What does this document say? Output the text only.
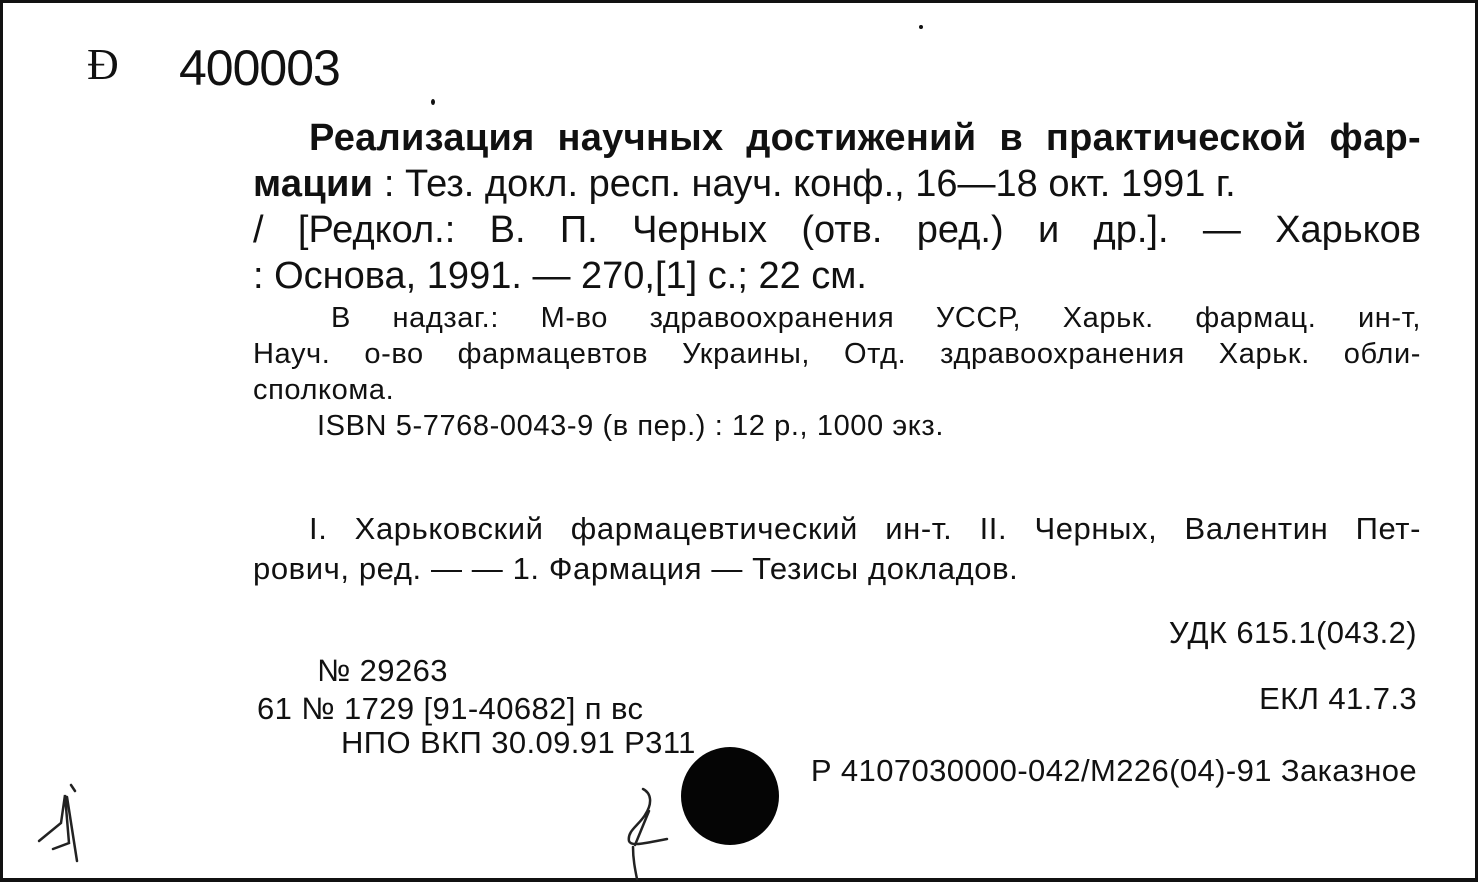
Ð 400003
Реализация научных достижений в практической фар-
мации : Тез. докл. респ. науч. конф., 16—18 окт. 1991 г.
/ [Редкол.: В. П. Черных (отв. ред.) и др.]. — Харьков
: Основа, 1991. — 270,[1] с.; 22 см.
В надзаг.: М-во здравоохранения УССР, Харьк. фармац. ин-т,
Науч. о-во фармацевтов Украины, Отд. здравоохранения Харьк. обли-
сполкома.
ISBN 5-7768-0043-9 (в пер.) : 12 р., 1000 экз.
I. Харьковский фармацевтический ин-т. II. Черных, Валентин Пет-
рович, ред. — — 1. Фармация — Тезисы докладов.
УДК 615.1(043.2)
№ 29263
ЕКЛ 41.7.3
61 № 1729 [91-40682] п вс
НПО ВКП 30.09.91 Р311
Р 4107030000-042/М226(04)-91 Заказное
